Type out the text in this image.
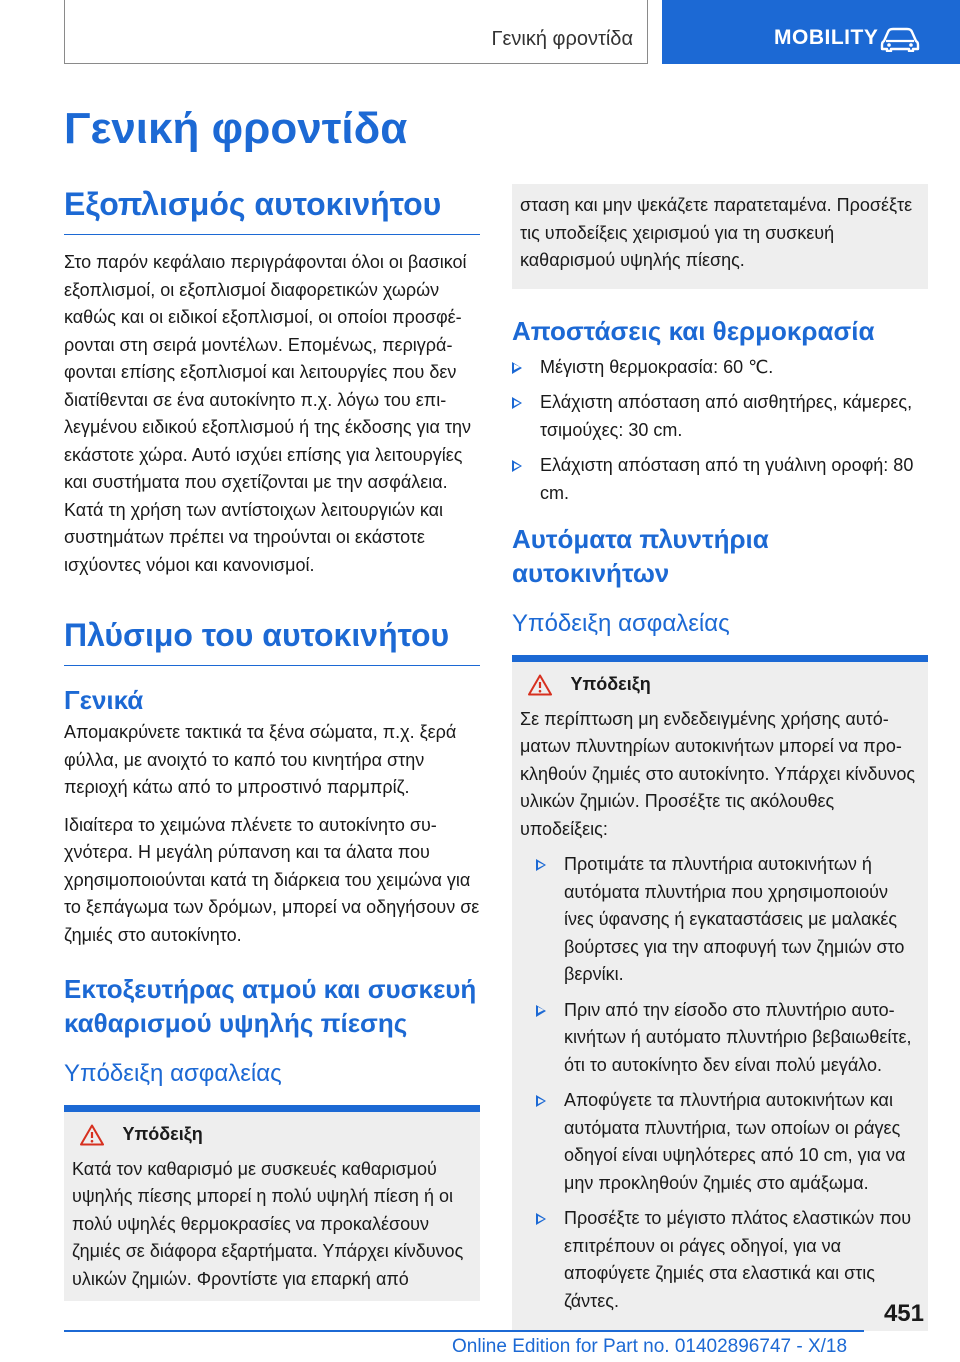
Γενική φροντίδα	MOBILITY
Γενική φροντίδα
Εξοπλισμός αυτοκινήτου

Στο παρόν κεφάλαιο περιγράφονται όλοι οι βασικοί εξοπλισμοί, οι εξοπλισμοί διαφορετικών χωρών καθώς και οι ειδικοί εξοπλισμοί, οι οποίοι προσφέρονται στη σειρά μοντέλων. Επομένως, περιγράφονται επίσης εξοπλισμοί και λειτουργίες που δεν διατίθενται σε ένα αυτοκίνητο π.χ. λόγω του επιλεγμένου ειδικού εξοπλισμού ή της έκδοσης για την εκάστοτε χώρα. Αυτό ισχύει επίσης για λειτουργίες και συστήματα που σχετίζονται με την ασφάλεια. Κατά τη χρήση των αντίστοιχων λειτουργιών και συστημάτων πρέπει να τηρούνται οι εκάστοτε ισχύοντες νόμοι και κανονισμοί.

Πλύσιμο του αυτοκινήτου
Γενικά

Απομακρύνετε τακτικά τα ξένα σώματα, π.χ. ξερά φύλλα, με ανοιχτό το καπό του κινητήρα στην περιοχή κάτω από το μπροστινό παρμπρίζ.

Ιδιαίτερα το χειμώνα πλένετε το αυτοκίνητο συχνότερα. Η μεγάλη ρύπανση και τα άλατα που χρησιμοποιούνται κατά τη διάρκεια του χειμώνα για το ξεπάγωμα των δρόμων, μπορεί να οδηγήσουν σε ζημιές στο αυτοκίνητο.

Εκτοξευτήρας ατμού και συσκευή καθαρισμού υψηλής πίεσης
Υπόδειξη ασφαλείας
Υπόδειξη

Κατά τον καθαρισμό με συσκευές καθαρισμού υψηλής πίεσης μπορεί η πολύ υψηλή πίεση ή οι πολύ υψηλές θερμοκρασίες να προκαλέσουν ζημιές σε διάφορα εξαρτήματα. Υπάρχει κίνδυνος υλικών ζημιών. Φροντίστε για επαρκή από

σταση και μην ψεκάζετε παρατεταμένα. Προσέξτε τις υποδείξεις χειρισμού για τη συσκευή καθαρισμού υψηλής πίεσης.

Αποστάσεις και θερμοκρασία
Μέγιστη θερμοκρασία: 60 ℃.
Ελάχιστη απόσταση από αισθητήρες, κάμερες, τσιμούχες: 30 cm.
Ελάχιστη απόσταση από τη γυάλινη οροφή: 80 cm.
Αυτόματα πλυντήρια αυτοκινήτων
Υπόδειξη ασφαλείας
Υπόδειξη

Σε περίπτωση μη ενδεδειγμένης χρήσης αυτόματων πλυντηρίων αυτοκινήτων μπορεί να προκληθούν ζημιές στο αυτοκίνητο. Υπάρχει κίνδυνος υλικών ζημιών. Προσέξτε τις ακόλουθες υποδείξεις:

Προτιμάτε τα πλυντήρια αυτοκινήτων ή αυτόματα πλυντήρια που χρησιμοποιούν ίνες ύφανσης ή εγκαταστάσεις με μαλακές βούρτσες για την αποφυγή των ζημιών στο βερνίκι.
Πριν από την είσοδο στο πλυντήριο αυτοκινήτων ή αυτόματο πλυντήριο βεβαιωθείτε, ότι το αυτοκίνητο δεν είναι πολύ μεγάλο.
Αποφύγετε τα πλυντήρια αυτοκινήτων και αυτόματα πλυντήρια, των οποίων οι ράγες οδηγοί είναι υψηλότερες από 10 cm, για να μην προκληθούν ζημιές στο αμάξωμα.
Προσέξτε το μέγιστο πλάτος ελαστικών που επιτρέπουν οι ράγες οδηγοί, για να αποφύγετε ζημιές στα ελαστικά και στις ζάντες.	451
Online Edition for Part no. 01402896747 - X/18
